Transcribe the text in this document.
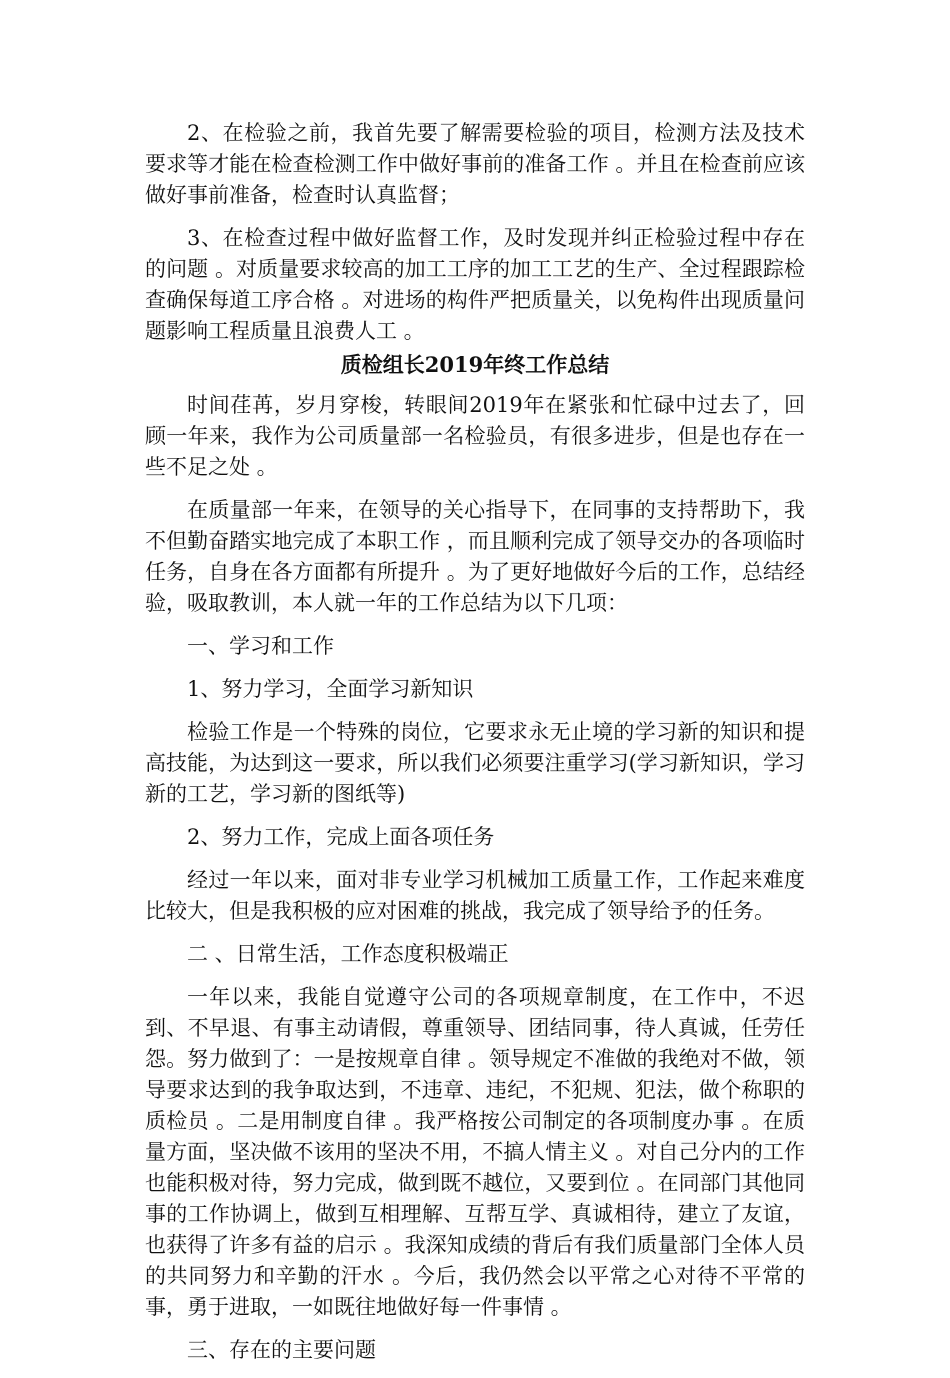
2、在检验之前，我首先要了解需要检验的项目，检测方法及技术要求等才能在检查检测工作中做好事前的准备工作 。并且在检查前应该做好事前准备，检查时认真监督；

3、在检查过程中做好监督工作，及时发现并纠正检验过程中存在的问题 。对质量要求较高的加工工序的加工工艺的生产、全过程跟踪检查确保每道工序合格 。对进场的构件严把质量关，以免构件出现质量问题影响工程质量且浪费人工 。

质检组长2019年终工作总结

时间荏苒，岁月穿梭，转眼间2019年在紧张和忙碌中过去了，回顾一年来，我作为公司质量部一名检验员，有很多进步，但是也存在一些不足之处 。

在质量部一年来，在领导的关心指导下，在同事的支持帮助下，我不但勤奋踏实地完成了本职工作 ，而且顺利完成了领导交办的各项临时任务，自身在各方面都有所提升 。为了更好地做好今后的工作，总结经验，吸取教训，本人就一年的工作总结为以下几项：

一、学习和工作

1、努力学习，全面学习新知识

检验工作是一个特殊的岗位，它要求永无止境的学习新的知识和提高技能，为达到这一要求，所以我们必须要注重学习(学习新知识，学习新的工艺，学习新的图纸等)

2、努力工作，完成上面各项任务

经过一年以来，面对非专业学习机械加工质量工作，工作起来难度比较大，但是我积极的应对困难的挑战，我完成了领导给予的任务。

二 、日常生活，工作态度积极端正

一年以来，我能自觉遵守公司的各项规章制度，在工作中，不迟到、不早退、有事主动请假，尊重领导、团结同事，待人真诚，任劳任怨。努力做到了：一是按规章自律 。领导规定不准做的我绝对不做，领导要求达到的我争取达到，不违章、违纪，不犯规、犯法，做个称职的质检员 。二是用制度自律 。我严格按公司制定的各项制度办事 。在质量方面，坚决做不该用的坚决不用，不搞人情主义 。对自己分内的工作也能积极对待，努力完成，做到既不越位，又要到位 。在同部门其他同事的工作协调上，做到互相理解、互帮互学、真诚相待，建立了友谊，也获得了许多有益的启示 。我深知成绩的背后有我们质量部门全体人员的共同努力和辛勤的汗水 。今后，我仍然会以平常之心对待不平常的事，勇于进取，一如既往地做好每一件事情 。

三、存在的主要问题
